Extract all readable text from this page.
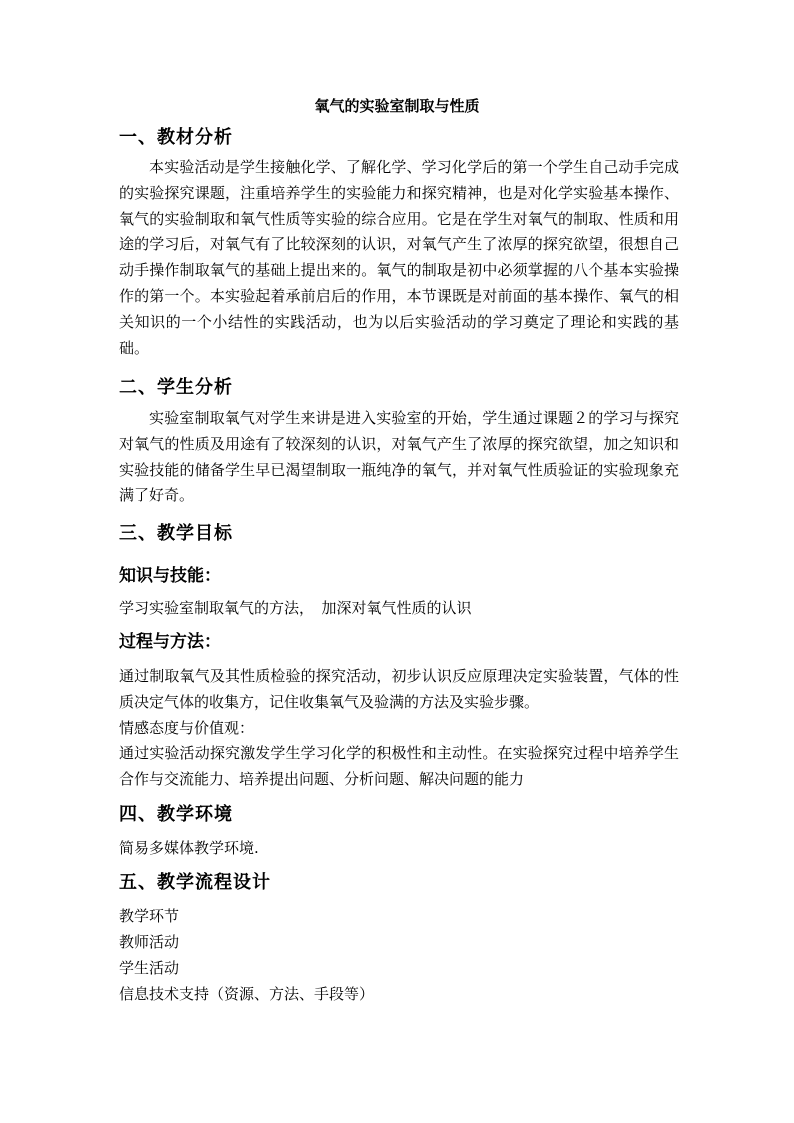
氧气的实验室制取与性质
一、教材分析
本实验活动是学生接触化学、了解化学、学习化学后的第一个学生自己动手完成的实验探究课题，注重培养学生的实验能力和探究精神，也是对化学实验基本操作、氧气的实验制取和氧气性质等实验的综合应用。它是在学生对氧气的制取、性质和用途的学习后，对氧气有了比较深刻的认识，对氧气产生了浓厚的探究欲望，很想自己动手操作制取氧气的基础上提出来的。氧气的制取是初中必须掌握的八个基本实验操作的第一个。本实验起着承前启后的作用，本节课既是对前面的基本操作、氧气的相关知识的一个小结性的实践活动，也为以后实验活动的学习奠定了理论和实践的基础。
二、学生分析
实验室制取氧气对学生来讲是进入实验室的开始，学生通过课题２的学习与探究对氧气的性质及用途有了较深刻的认识，对氧气产生了浓厚的探究欲望，加之知识和实验技能的储备学生早已渴望制取一瓶纯净的氧气，并对氧气性质验证的实验现象充满了好奇。
三、教学目标
知识与技能：
学习实验室制取氧气的方法，　加深对氧气性质的认识
过程与方法：
通过制取氧气及其性质检验的探究活动，初步认识反应原理决定实验装置，气体的性质决定气体的收集方，记住收集氧气及验满的方法及实验步骤。
情感态度与价值观：
通过实验活动探究激发学生学习化学的积极性和主动性。在实验探究过程中培养学生合作与交流能力、培养提出问题、分析问题、解决问题的能力
四、教学环境
简易多媒体教学环境.
五、教学流程设计
教学环节
教师活动
学生活动
信息技术支持（资源、方法、手段等）
